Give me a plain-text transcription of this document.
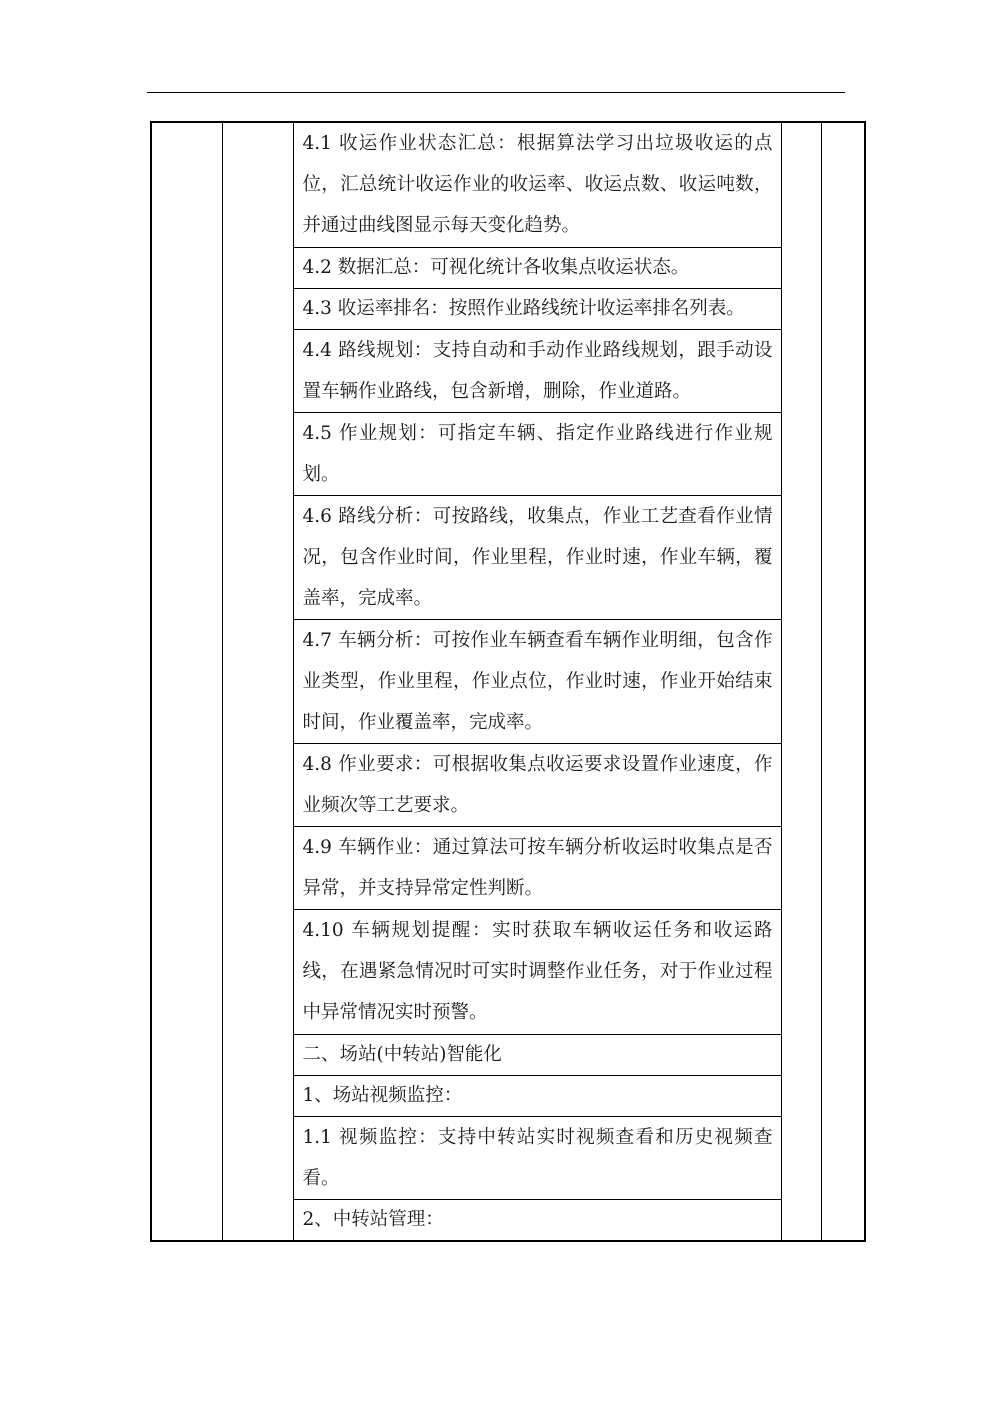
		4.1 收运作业状态汇总：根据算法学习出垃圾收运的点位，汇总统计收运作业的收运率、收运点数、收运吨数，并通过曲线图显示每天变化趋势。		
4.2 数据汇总：可视化统计各收集点收运状态。
4.3 收运率排名：按照作业路线统计收运率排名列表。
4.4 路线规划：支持自动和手动作业路线规划，跟手动设置车辆作业路线，包含新增，删除，作业道路。
4.5 作业规划：可指定车辆、指定作业路线进行作业规划。
4.6 路线分析：可按路线，收集点，作业工艺查看作业情况，包含作业时间，作业里程，作业时速，作业车辆，覆盖率，完成率。
4.7 车辆分析：可按作业车辆查看车辆作业明细，包含作业类型，作业里程，作业点位，作业时速，作业开始结束时间，作业覆盖率，完成率。
4.8 作业要求：可根据收集点收运要求设置作业速度，作业频次等工艺要求。
4.9 车辆作业：通过算法可按车辆分析收运时收集点是否异常，并支持异常定性判断。
4.10 车辆规划提醒：实时获取车辆收运任务和收运路线，在遇紧急情况时可实时调整作业任务，对于作业过程中异常情况实时预警。
二、场站(中转站)智能化
1、场站视频监控：
1.1 视频监控：支持中转站实时视频查看和历史视频查看。
2、中转站管理：
